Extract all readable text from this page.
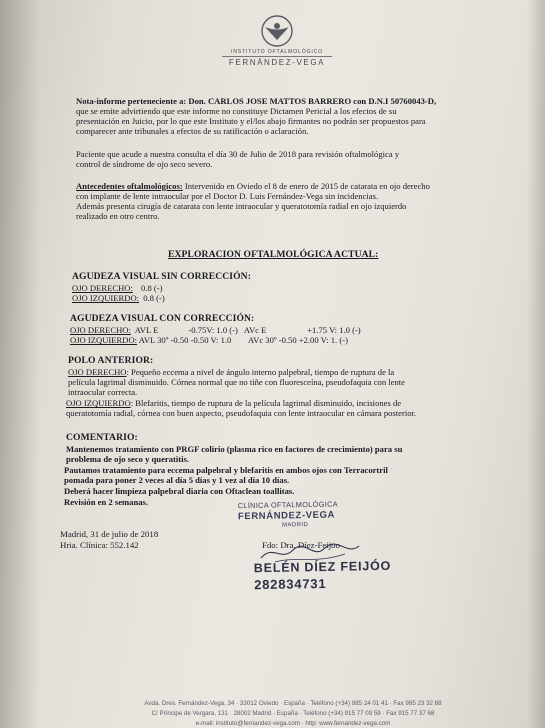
INSTITUTO OFTALMOLÓGICO
FERNÁNDEZ-VEGA
Nota-informe perteneciente a: Don. CARLOS JOSE MATTOS BARRERO con D.N.I 50760043-D,
que se emite advirtiendo que este informe no constituye Dictamen Pericial a los efectos de su
presentación en Juicio, por lo que este Instituto y el/los abajo firmantes no podrán ser propuestos para
comparecer ante tribunales a efectos de su ratificación o aclaración.
Paciente que acude a nuestra consulta el día 30 de Julio de 2018 para revisión oftalmológica y
control de síndrome de ojo seco severo.
Antecedentes oftalmológicos: Intervenido en Oviedo el 8 de enero de 2015 de catarata en ojo derecho
con implante de lente intraocular por el Doctor D. Luis Fernández-Vega sin incidencias.
Además presenta cirugía de catarata con lente intraocular y queratotomía radial en ojo izquierdo
realizado en otro centro.
EXPLORACION OFTALMOLÓGICA ACTUAL:
AGUDEZA VISUAL SIN CORRECCIÓN:
OJO DERECHO: 0.8 (-)
OJO IZQUIERDO: 0.8 (-)
AGUDEZA VISUAL CON CORRECCIÓN:
OJO DERECHO: AVL E              -0.75V: 1.0 (-)   AVc E                   +1.75 V: 1.0 (-)
OJO IZQUIERDO: AVL 30º -0.50 -0.50 V: 1.0        AVc 30º -0.50 +2.00 V: 1. (-)
POLO ANTERIOR:
OJO DERECHO: Pequeño eccema a nivel de ángulo interno palpebral, tiempo de ruptura de la
película lagrimal disminuido. Córnea normal que no tiñe con fluoresceína, pseudofaquia con lente
intraocular correcta.
OJO IZQUIERDO: Blefaritis, tiempo de ruptura de la película lagrimal disminuido, incisiones de
queratotomía radial, córnea con buen aspecto, pseudofaquia con lente intraocular en cámara posterior.
COMENTARIO:
Mantenemos tratamiento con PRGF colirio (plasma rico en factores de crecimiento) para su
problema de ojo seco y queratitis.
Pautamos tratamiento para eccema palpebral y blefaritis en ambos ojos con Terracortril
pomada para poner 2 veces al día 5 días y 1 vez al día 10 días.
Deberá hacer limpieza palpebral diaria con Oftaclean toallitas.
Revisión en 2 semanas.
Madrid, 31 de julio de 2018
Hria. Clínica: 552.142	Fdo: Dra. Díez-Feijoo
CLÍNICA OFTALMOLÓGICA
FERNÁNDEZ-VEGA
MADRID
BELÉN DÍEZ FEIJÓO
282834731
Avda. Dres. Fernández-Vega, 34 · 33012 Oviedo · España · Teléfono (+34) 985 24 01 41 · Fax 985 23 32 88
C/ Príncipe de Vergara, 131 · 28002 Madrid · España · Teléfono (+34) 915 77 09 59 · Fax 915 77 37 68
e-mail: instituto@fernandez-vega.com · http: www.fernandez-vega.com
